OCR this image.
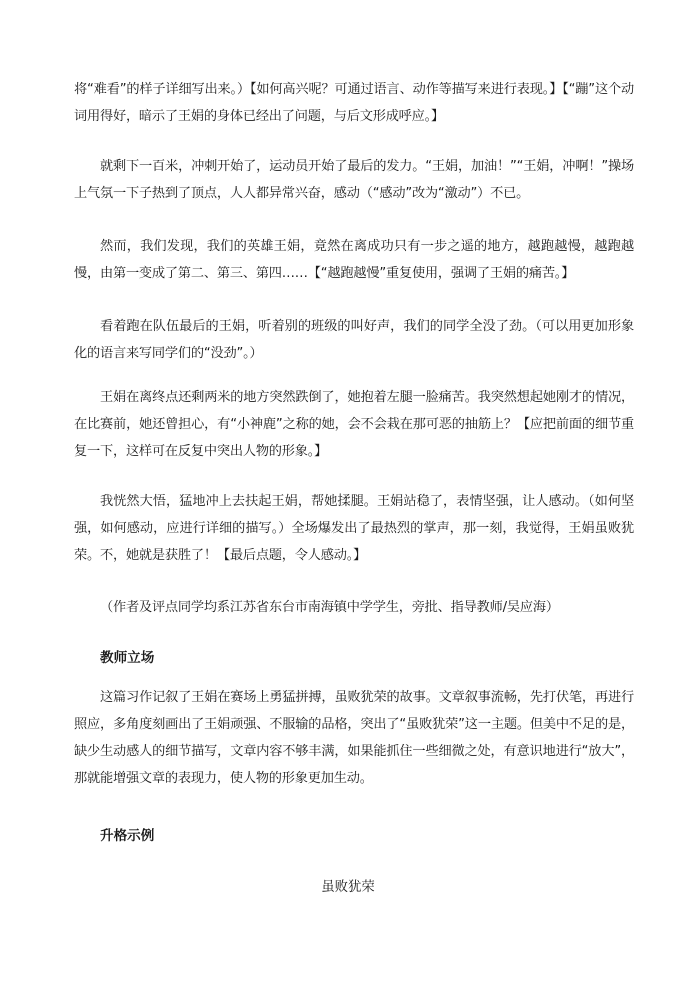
将“难看”的样子详细写出来。）【如何高兴呢？可通过语言、动作等描写来进行表现。】【“蹦”这个动词用得好，暗示了王娟的身体已经出了问题，与后文形成呼应。】

就剩下一百米，冲刺开始了，运动员开始了最后的发力。“王娟，加油！”“王娟，冲啊！”操场上气氛一下子热到了顶点，人人都异常兴奋，感动（“感动”改为“激动”）不已。

然而，我们发现，我们的英雄王娟，竟然在离成功只有一步之遥的地方，越跑越慢，越跑越慢，由第一变成了第二、第三、第四……【“越跑越慢”重复使用，强调了王娟的痛苦。】

看着跑在队伍最后的王娟，听着别的班级的叫好声，我们的同学全没了劲。（可以用更加形象化的语言来写同学们的“没劲”。）

王娟在离终点还剩两米的地方突然跌倒了，她抱着左腿一脸痛苦。我突然想起她刚才的情况，在比赛前，她还曾担心，有“小神鹿”之称的她，会不会栽在那可恶的抽筋上？【应把前面的细节重复一下，这样可在反复中突出人物的形象。】

我恍然大悟，猛地冲上去扶起王娟，帮她揉腿。王娟站稳了，表情坚强，让人感动。（如何坚强，如何感动，应进行详细的描写。）全场爆发出了最热烈的掌声，那一刻，我觉得，王娟虽败犹荣。不，她就是获胜了！【最后点题，令人感动。】

（作者及评点同学均系江苏省东台市南海镇中学学生，旁批、指导教师/吴应海）

教师立场

这篇习作记叙了王娟在赛场上勇猛拼搏，虽败犹荣的故事。文章叙事流畅，先打伏笔，再进行照应，多角度刻画出了王娟顽强、不服输的品格，突出了“虽败犹荣”这一主题。但美中不足的是，缺少生动感人的细节描写，文章内容不够丰满，如果能抓住一些细微之处，有意识地进行“放大”，那就能增强文章的表现力，使人物的形象更加生动。

升格示例

虽败犹荣
